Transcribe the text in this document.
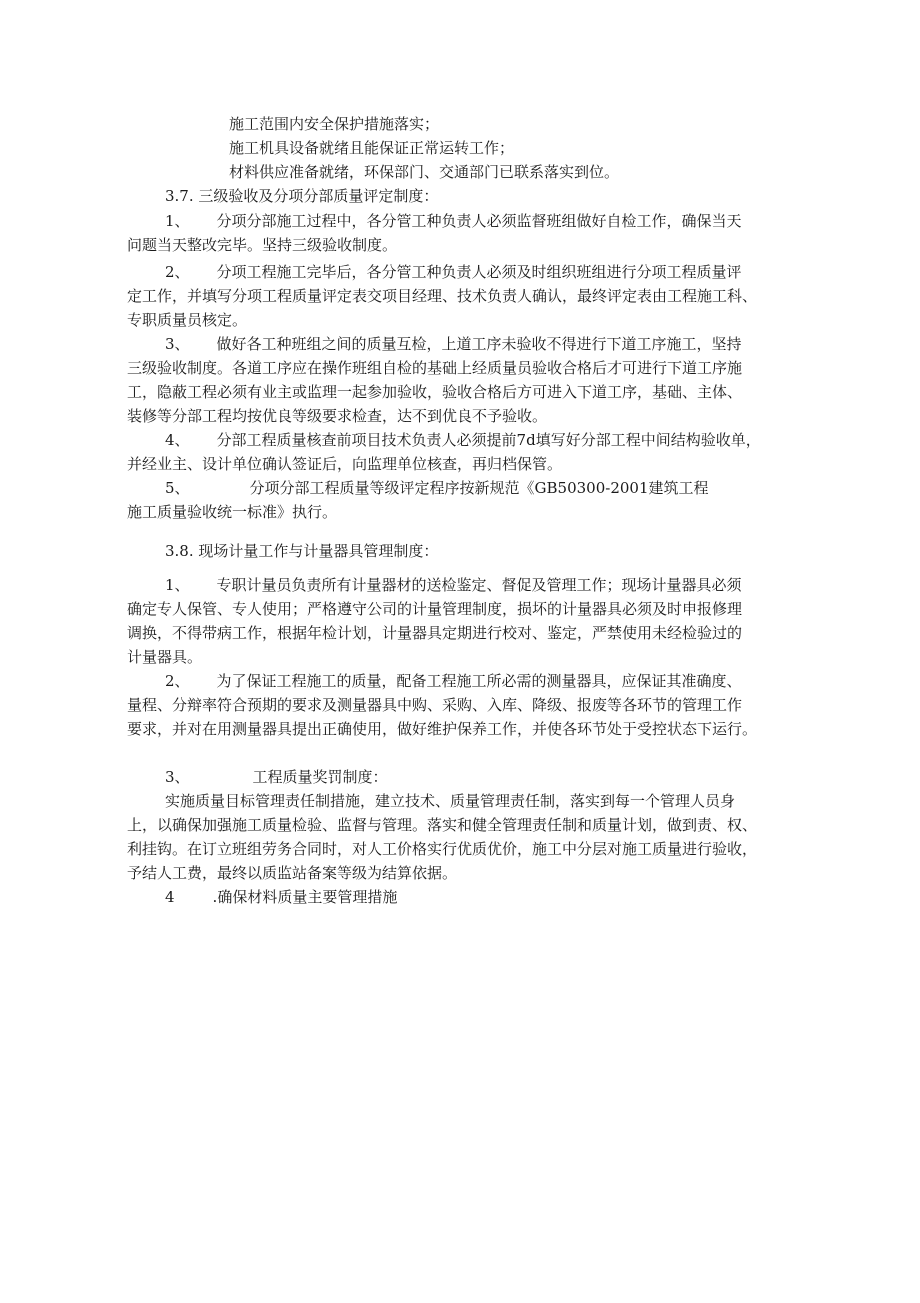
施工范围内安全保护措施落实；
施工机具设备就绪且能保证正常运转工作；
材料供应准备就绪，环保部门、交通部门已联系落实到位。
3.7. 三级验收及分项分部质量评定制度：
1、 分项分部施工过程中，各分管工种负责人必须监督班组做好自检工作，确保当天
问题当天整改完毕。坚持三级验收制度。
2、 分项工程施工完毕后，各分管工种负责人必须及时组织班组进行分项工程质量评
定工作，并填写分项工程质量评定表交项目经理、技术负责人确认，最终评定表由工程施工科、
专职质量员核定。
3、 做好各工种班组之间的质量互检，上道工序未验收不得进行下道工序施工，坚持
三级验收制度。各道工序应在操作班组自检的基础上经质量员验收合格后才可进行下道工序施
工，隐蔽工程必须有业主或监理一起参加验收，验收合格后方可进入下道工序，基础、主体、
装修等分部工程均按优良等级要求检查，达不到优良不予验收。
4、 分部工程质量核查前项目技术负责人必须提前7d填写好分部工程中间结构验收单，
并经业主、设计单位确认签证后，向监理单位核查，再归档保管。
5、	分项分部工程质量等级评定程序按新规范《GB50300-2001建筑工程
施工质量验收统一标准》执行。
3.8. 现场计量工作与计量器具管理制度：
1、 专职计量员负责所有计量器材的送检鉴定、督促及管理工作；现场计量器具必须
确定专人保管、专人使用；严格遵守公司的计量管理制度，损坏的计量器具必须及时申报修理
调换，不得带病工作，根据年检计划，计量器具定期进行校对、鉴定，严禁使用未经检验过的
计量器具。
2、 为了保证工程施工的质量，配备工程施工所必需的测量器具，应保证其准确度、
量程、分辩率符合预期的要求及测量器具中购、采购、入库、降级、报废等各环节的管理工作
要求，并对在用测量器具提出正确使用，做好维护保养工作，并使各环节处于受控状态下运行。
3、	工程质量奖罚制度：
实施质量目标管理责任制措施，建立技术、质量管理责任制，落实到每一个管理人员身
上，以确保加强施工质量检验、监督与管理。落实和健全管理责任制和质量计划，做到责、权、
利挂钩。在订立班组劳务合同时，对人工价格实行优质优价，施工中分层对施工质量进行验收，
予结人工费，最终以质监站备案等级为结算依据。
4	.确保材料质量主要管理措施
